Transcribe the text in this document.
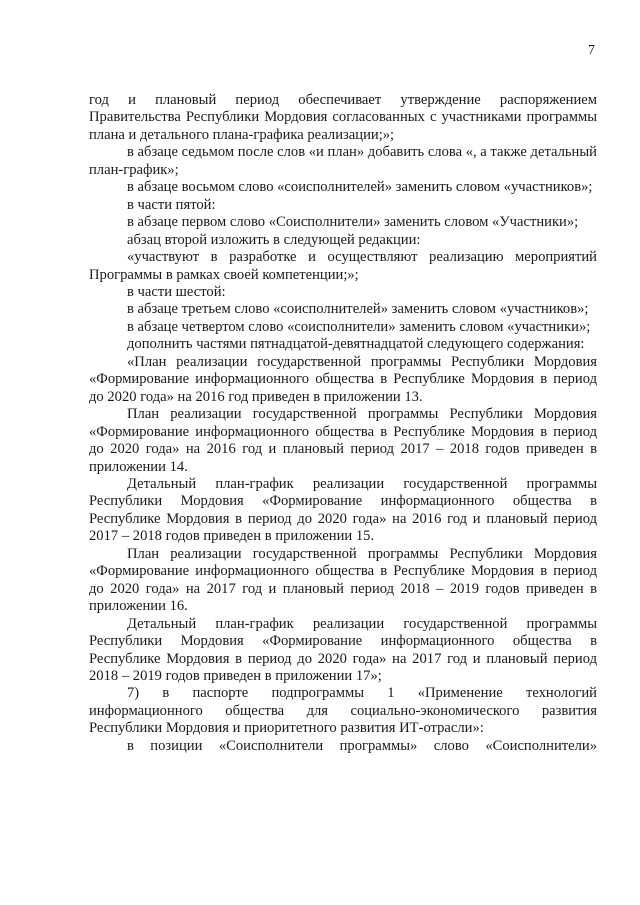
7

год и плановый период обеспечивает утверждение распоряжением Правительства Республики Мордовия согласованных с участниками программы плана и детального плана-графика реализации;»;

в абзаце седьмом после слов «и план» добавить слова «, а также детальный план-график»;

в абзаце восьмом слово «соисполнителей» заменить словом «участников»;

в части пятой:

в абзаце первом слово «Соисполнители» заменить словом «Участники»;

абзац второй изложить в следующей редакции:

«участвуют в разработке и осуществляют реализацию мероприятий Программы в рамках своей компетенции;»;

в части шестой:

в абзаце третьем слово «соисполнителей» заменить словом «участников»;

в абзаце четвертом слово «соисполнители» заменить словом «участники»;

дополнить частями пятнадцатой-девятнадцатой следующего содержания:

«План реализации государственной программы Республики Мордовия «Формирование информационного общества в Республике Мордовия в период до 2020 года» на 2016 год приведен в приложении 13.

План реализации государственной программы Республики Мордовия «Формирование информационного общества в Республике Мордовия в период до 2020 года» на 2016 год и плановый период 2017 – 2018 годов приведен в приложении 14.

Детальный план-график реализации государственной программы Республики Мордовия «Формирование информационного общества в Республике Мордовия в период до 2020 года» на 2016 год и плановый период 2017 – 2018 годов приведен в приложении 15.

План реализации государственной программы Республики Мордовия «Формирование информационного общества в Республике Мордовия в период до 2020 года» на 2017 год и плановый период 2018 – 2019 годов приведен в приложении 16.

Детальный план-график реализации государственной программы Республики Мордовия «Формирование информационного общества в Республике Мордовия в период до 2020 года» на 2017 год и плановый период 2018 – 2019 годов приведен в приложении 17»;

7) в паспорте подпрограммы 1 «Применение технологий информационного общества для социально-экономического развития Республики Мордовия и приоритетного развития ИТ-отрасли»:

в позиции «Соисполнители программы» слово «Соисполнители»
